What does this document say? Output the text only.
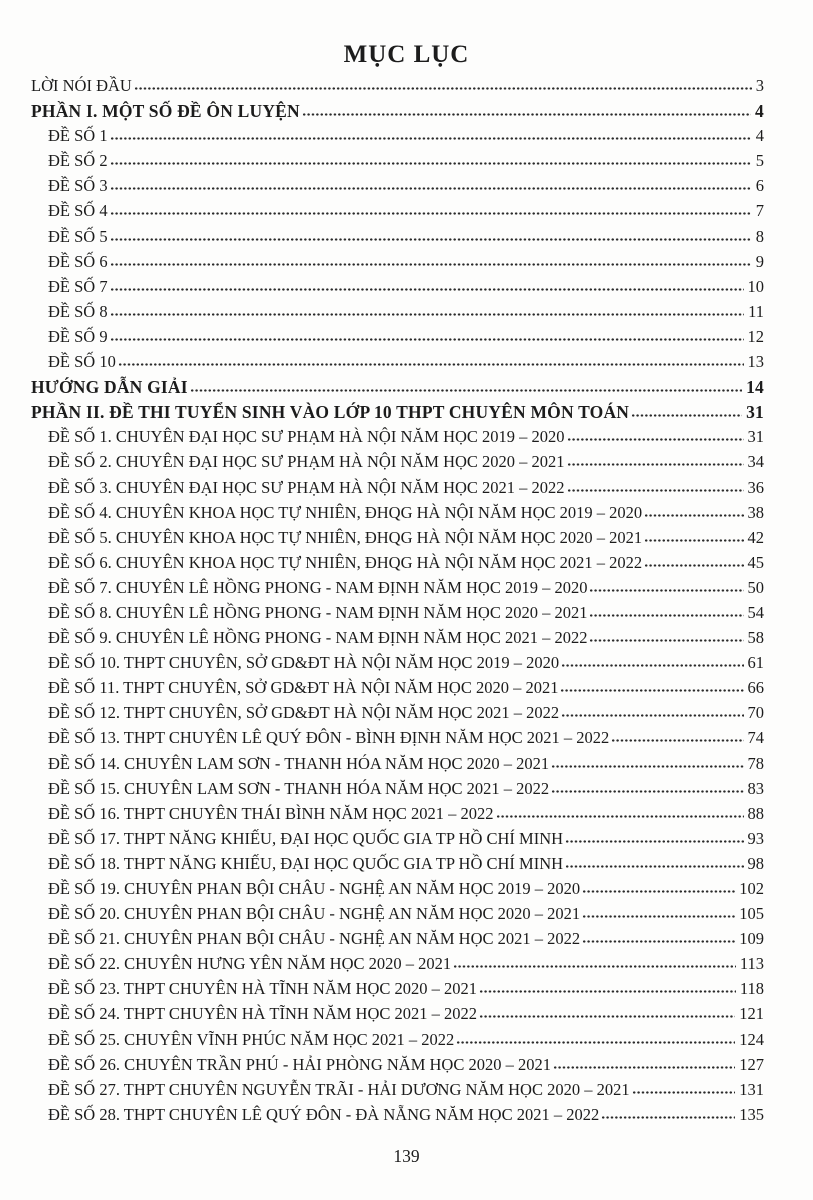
MỤC LỤC
LỜI NÓI ĐẦU	3
PHẦN I. MỘT SỐ ĐỀ ÔN LUYỆN	4
ĐỀ SỐ 1	4
ĐỀ SỐ 2	5
ĐỀ SỐ 3	6
ĐỀ SỐ 4	7
ĐỀ SỐ 5	8
ĐỀ SỐ 6	9
ĐỀ SỐ 7	10
ĐỀ SỐ 8	11
ĐỀ SỐ 9	12
ĐỀ SỐ 10	13
HƯỚNG DẪN GIẢI	14
PHẦN II. ĐỀ THI TUYỂN SINH VÀO LỚP 10 THPT CHUYÊN MÔN TOÁN	31
ĐỀ SỐ 1. CHUYÊN ĐẠI HỌC SƯ PHẠM HÀ NỘI NĂM HỌC 2019 – 2020	31
ĐỀ SỐ 2. CHUYÊN ĐẠI HỌC SƯ PHẠM HÀ NỘI NĂM HỌC 2020 – 2021	34
ĐỀ SỐ 3. CHUYÊN ĐẠI HỌC SƯ PHẠM HÀ NỘI NĂM HỌC 2021 – 2022	36
ĐỀ SỐ 4. CHUYÊN KHOA HỌC TỰ NHIÊN, ĐHQG HÀ NỘI NĂM HỌC 2019 – 2020	38
ĐỀ SỐ 5. CHUYÊN KHOA HỌC TỰ NHIÊN, ĐHQG HÀ NỘI NĂM HỌC 2020 – 2021	42
ĐỀ SỐ 6. CHUYÊN KHOA HỌC TỰ NHIÊN, ĐHQG HÀ NỘI NĂM HỌC 2021 – 2022	45
ĐỀ SỐ 7. CHUYÊN LÊ HỒNG PHONG - NAM ĐỊNH NĂM HỌC 2019 – 2020	50
ĐỀ SỐ 8. CHUYÊN LÊ HỒNG PHONG - NAM ĐỊNH NĂM HỌC 2020 – 2021	54
ĐỀ SỐ 9. CHUYÊN LÊ HỒNG PHONG - NAM ĐỊNH NĂM HỌC 2021 – 2022	58
ĐỀ SỐ 10. THPT CHUYÊN, SỞ GD&ĐT HÀ NỘI NĂM HỌC 2019 – 2020	61
ĐỀ SỐ 11. THPT CHUYÊN, SỞ GD&ĐT HÀ NỘI NĂM HỌC 2020 – 2021	66
ĐỀ SỐ 12. THPT CHUYÊN, SỞ GD&ĐT HÀ NỘI NĂM HỌC 2021 – 2022	70
ĐỀ SỐ 13. THPT CHUYÊN LÊ QUÝ ĐÔN - BÌNH ĐỊNH NĂM HỌC 2021 – 2022	74
ĐỀ SỐ 14. CHUYÊN LAM SƠN - THANH HÓA NĂM HỌC 2020 – 2021	78
ĐỀ SỐ 15. CHUYÊN LAM SƠN - THANH HÓA NĂM HỌC 2021 – 2022	83
ĐỀ SỐ 16. THPT CHUYÊN THÁI BÌNH NĂM HỌC 2021 – 2022	88
ĐỀ SỐ 17. THPT NĂNG KHIẾU, ĐẠI HỌC QUỐC GIA TP HỒ CHÍ MINH	93
ĐỀ SỐ 18. THPT NĂNG KHIẾU, ĐẠI HỌC QUỐC GIA TP HỒ CHÍ MINH	98
ĐỀ SỐ 19. CHUYÊN PHAN BỘI CHÂU - NGHỆ AN NĂM HỌC 2019 – 2020	102
ĐỀ SỐ 20. CHUYÊN PHAN BỘI CHÂU - NGHỆ AN NĂM HỌC 2020 – 2021	105
ĐỀ SỐ 21. CHUYÊN PHAN BỘI CHÂU - NGHỆ AN NĂM HỌC 2021 – 2022	109
ĐỀ SỐ 22. CHUYÊN HƯNG YÊN NĂM HỌC 2020 – 2021	113
ĐỀ SỐ 23. THPT CHUYÊN HÀ TĨNH NĂM HỌC 2020 – 2021	118
ĐỀ SỐ 24. THPT CHUYÊN HÀ TĨNH NĂM HỌC 2021 – 2022	121
ĐỀ SỐ 25. CHUYÊN VĨNH PHÚC NĂM HỌC 2021 – 2022	124
ĐỀ SỐ 26. CHUYÊN TRẦN PHÚ - HẢI PHÒNG NĂM HỌC 2020 – 2021	127
ĐỀ SỐ 27. THPT CHUYÊN NGUYỄN TRÃI - HẢI DƯƠNG NĂM HỌC 2020 – 2021	131
ĐỀ SỐ 28. THPT CHUYÊN LÊ QUÝ ĐÔN - ĐÀ NẴNG NĂM HỌC 2021 – 2022	135
139
